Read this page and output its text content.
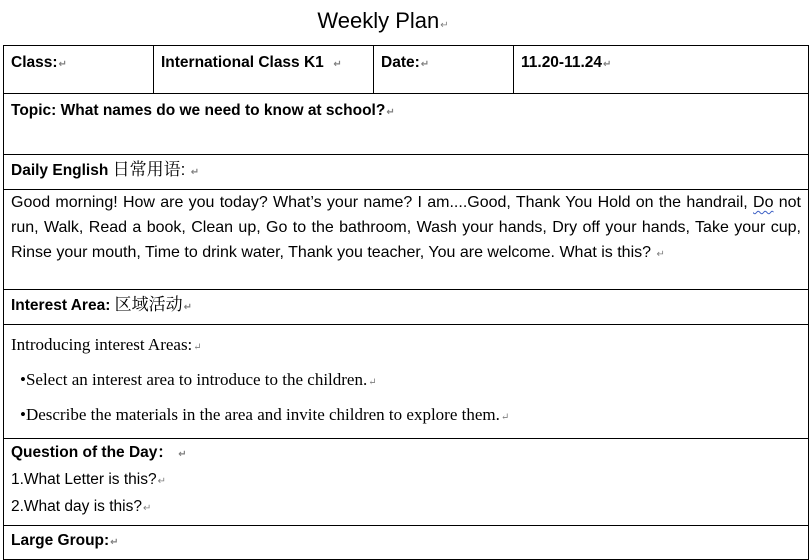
Weekly Plan↵
Class:↵	International Class K1 ↵	Date:↵	11.20-11.24↵
Topic: What names do we need to know at school?↵
Daily English 日常用语: ↵
Good morning! How are you today? What’s your name? I am....Good, Thank You Hold on the handrail, Do not run, Walk, Read a book, Clean up, Go to the bathroom, Wash your hands, Dry off your hands, Take your cup, Rinse your mouth, Time to drink water, Thank you teacher, You are welcome. What is this? ↵
Interest Area: 区域活动↵

Introducing interest Areas:↵
•Select an interest area to introduce to the children.↵
•Describe the materials in the area and invite children to explore them.↵

Question of the Day： ↵
1.What Letter is this?↵
2.What day is this?↵

Large Group:↵
